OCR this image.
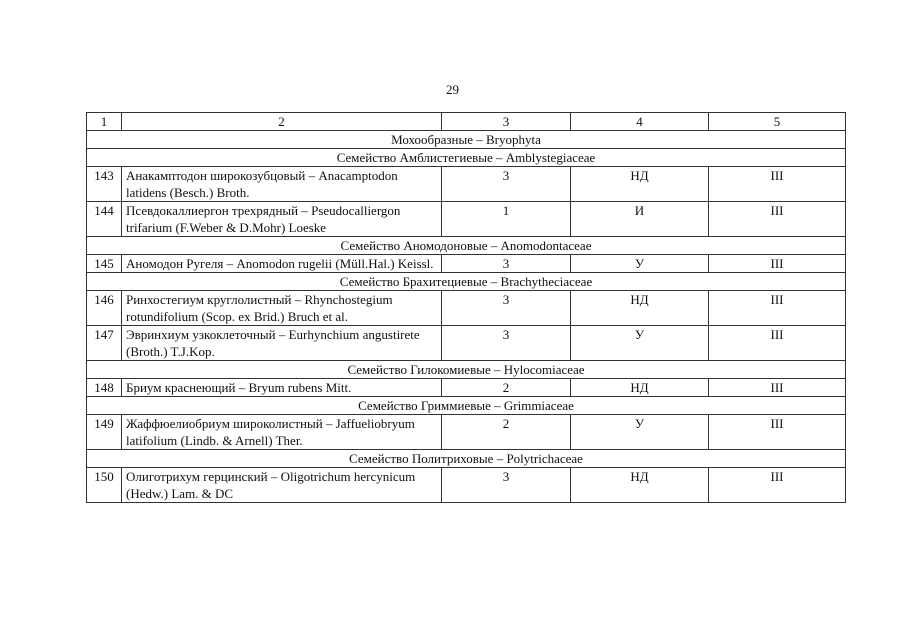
29
1	2	3	4	5
Мохообразные – Bryophyta				
Семейство Амблистегиевые – Amblystegiaceae				
143	Анакамптодон широкозубцовый – Anacamptodon latidens (Besch.) Broth.	3	НД	III
144	Псевдокаллиергон трехрядный – Pseudocalliergon trifarium (F.Weber & D.Mohr) Loeske	1	И	III
Семейство Аномодоновые – Anomodontaceae				
145	Аномодон Ругеля – Anomodon rugelii (Müll.Hal.) Keissl.	3	У	III
Семейство Брахитециевые – Brachytheciaceae				
146	Ринхостегиум круглолистный – Rhynchostegium rotundifolium (Scop. ex Brid.) Bruch et al.	3	НД	III
147	Эвринхиум узкоклеточный – Eurhynchium angustirete (Broth.) T.J.Kop.	3	У	III
Семейство Гилокомиевые – Hylocomiaceae				
148	Бриум краснеющий – Bryum rubens Mitt.	2	НД	III
Семейство Гриммиевые – Grimmiaceae				
149	Жаффюелиобриум широколистный – Jaffueliobryum latifolium (Lindb. & Arnell) Ther.	2	У	III
Семейство Политриховые – Polytrichaceae				
150	Олиготрихум герцинский – Oligotrichum hercynicum (Hedw.) Lam. & DC	3	НД	III
